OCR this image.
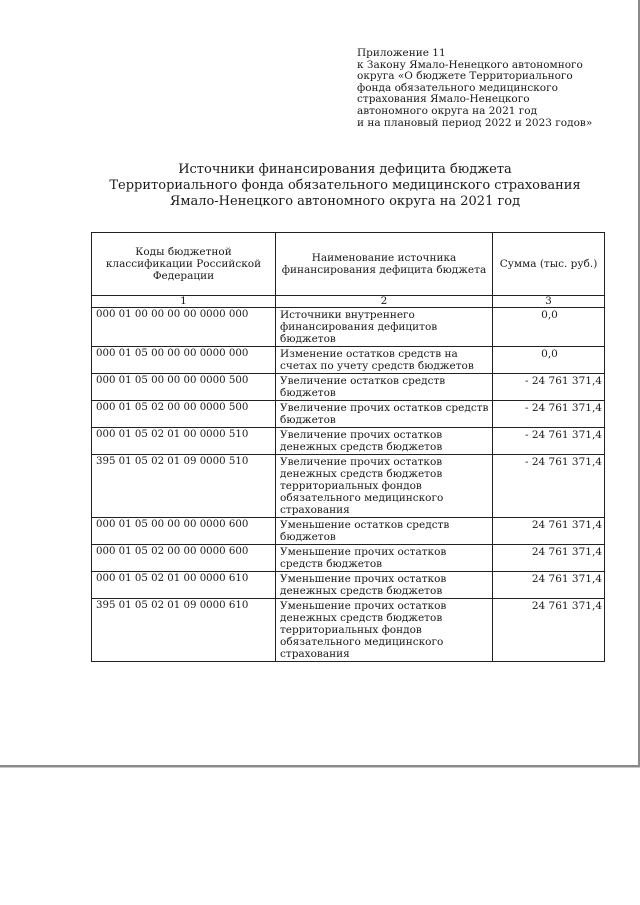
Приложение 11
к Закону Ямало-Ненецкого автономного
округа «О бюджете Территориального
фонда обязательного медицинского
страхования Ямало-Ненецкого
автономного округа на 2021 год
и на плановый период 2022 и 2023 годов»
Источники финансирования дефицита бюджета
Территориального фонда обязательного медицинского страхования
Ямало-Ненецкого автономного округа на 2021 год
Коды бюджетной классификации Российской Федерации	Наименование источника финансирования дефицита бюджета	Сумма (тыс. руб.)
1	2	3
000 01 00 00 00 00 0000 000	Источники внутреннего финансирования дефицитов бюджетов	0,0
000 01 05 00 00 00 0000 000	Изменение остатков средств на счетах по учету средств бюджетов	0,0
000 01 05 00 00 00 0000 500	Увеличение остатков средств бюджетов	- 24 761 371,4
000 01 05 02 00 00 0000 500	Увеличение прочих остатков средств бюджетов	- 24 761 371,4
000 01 05 02 01 00 0000 510	Увеличение прочих остатков денежных средств бюджетов	- 24 761 371,4
395 01 05 02 01 09 0000 510	Увеличение прочих остатков денежных средств бюджетов территориальных фондов обязательного медицинского страхования	- 24 761 371,4
000 01 05 00 00 00 0000 600	Уменьшение остатков средств бюджетов	24 761 371,4
000 01 05 02 00 00 0000 600	Уменьшение прочих остатков средств бюджетов	24 761 371,4
000 01 05 02 01 00 0000 610	Уменьшение прочих остатков денежных средств бюджетов	24 761 371,4
395 01 05 02 01 09 0000 610	Уменьшение прочих остатков денежных средств бюджетов территориальных фондов обязательного медицинского страхования	24 761 371,4
